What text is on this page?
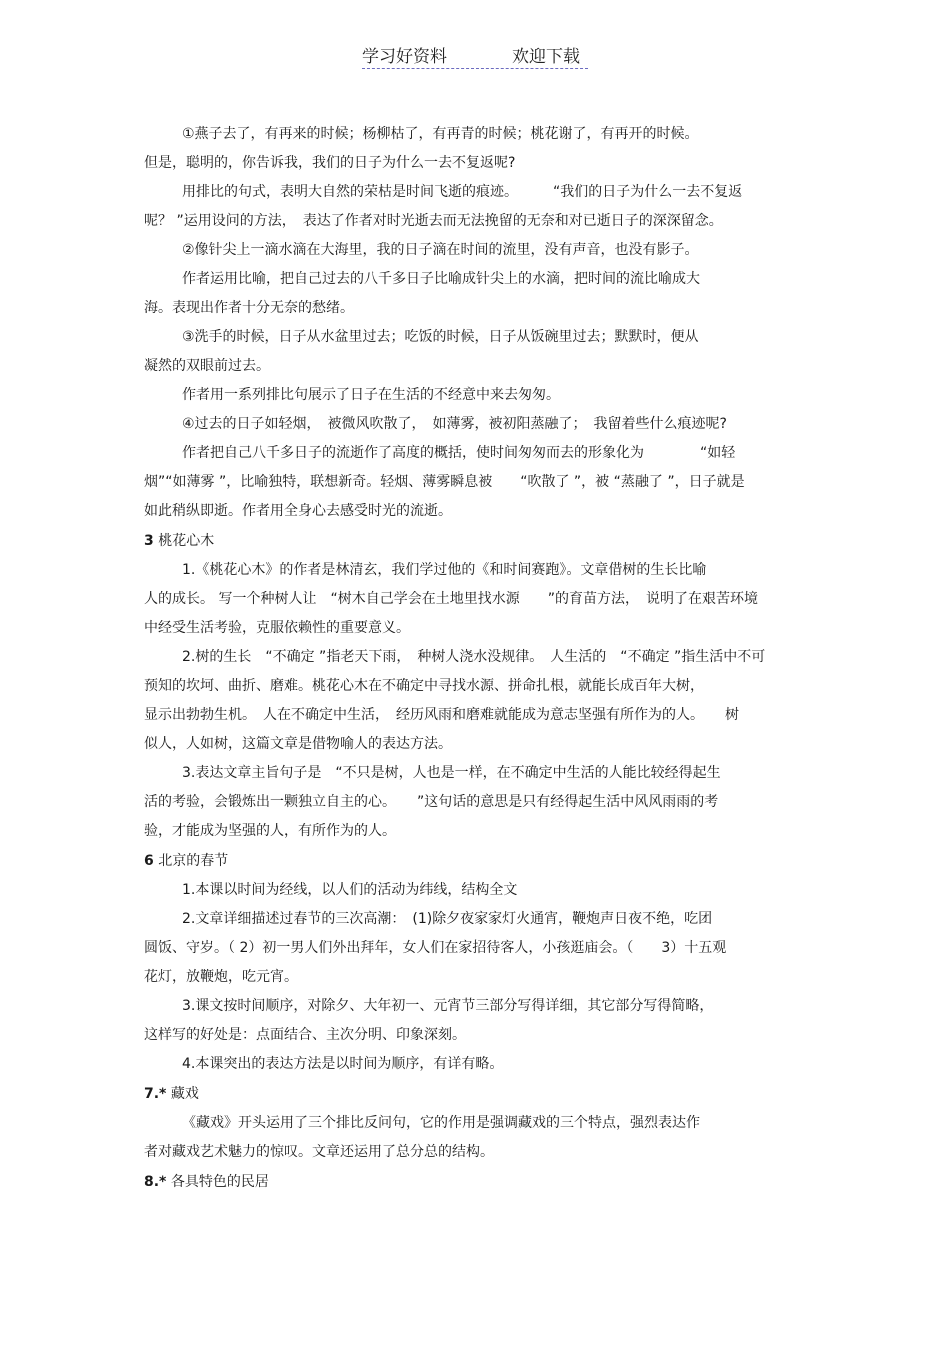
学习好资料	欢迎下载

①燕子去了，有再来的时候；杨柳枯了，有再青的时候；桃花谢了，有再开的时候。

但是，聪明的，你告诉我，我们的日子为什么一去不复返呢?

用排比的句式，表明大自然的荣枯是时间飞逝的痕迹。　　　“我们的日子为什么一去不复返

呢？ ”运用设问的方法，　表达了作者对时光逝去而无法挽留的无奈和对已逝日子的深深留念。

②像针尖上一滴水滴在大海里，我的日子滴在时间的流里，没有声音，也没有影子。

作者运用比喻，把自己过去的八千多日子比喻成针尖上的水滴，把时间的流比喻成大

海。表现出作者十分无奈的愁绪。

③洗手的时候，日子从水盆里过去；吃饭的时候，日子从饭碗里过去；默默时，便从

凝然的双眼前过去。

作者用一系列排比句展示了日子在生活的不经意中来去匆匆。

④过去的日子如轻烟，　被微风吹散了，　如薄雾，被初阳蒸融了；　我留着些什么痕迹呢?

作者把自己八千多日子的流逝作了高度的概括，使时间匆匆而去的形象化为　　　　“如轻

烟”“如薄雾 ”，比喻独特，联想新奇。轻烟、薄雾瞬息被　　“吹散了 ”，被 “蒸融了 ”，日子就是

如此稍纵即逝。作者用全身心去感受时光的流逝。

3 桃花心木

1.《桃花心木》的作者是林清玄，我们学过他的《和时间赛跑》。文章借树的生长比喻

人的成长。 写一个种树人让　“树木自己学会在土地里找水源　　”的育苗方法，　说明了在艰苦环境

中经受生活考验，克服依赖性的重要意义。

2.树的生长　“不确定 ”指老天下雨，　种树人浇水没规律。　人生活的　“不确定 ”指生活中不可

预知的坎坷、曲折、磨难。桃花心木在不确定中寻找水源、拼命扎根，就能长成百年大树，

显示出勃勃生机。　人在不确定中生活，　经历风雨和磨难就能成为意志坚强有所作为的人。　　树

似人，人如树，这篇文章是借物喻人的表达方法。

3.表达文章主旨句子是　“不只是树，人也是一样，在不确定中生活的人能比较经得起生

活的考验，会锻炼出一颗独立自主的心。　　”这句话的意思是只有经得起生活中风风雨雨的考

验，才能成为坚强的人，有所作为的人。

6 北京的春节

1.本课以时间为经线，以人们的活动为纬线，结构全文

2.文章详细描述过春节的三次高潮：　(1)除夕夜家家灯火通宵，鞭炮声日夜不绝，吃团

圆饭、守岁。（ 2）初一男人们外出拜年，女人们在家招待客人，小孩逛庙会。（　　3）十五观

花灯，放鞭炮，吃元宵。

3.课文按时间顺序，对除夕、大年初一、元宵节三部分写得详细，其它部分写得简略，

这样写的好处是：点面结合、主次分明、印象深刻。

4.本课突出的表达方法是以时间为顺序，有详有略。

7.* 藏戏

《藏戏》开头运用了三个排比反问句，它的作用是强调藏戏的三个特点，强烈表达作

者对藏戏艺术魅力的惊叹。文章还运用了总分总的结构。

8.* 各具特色的民居
